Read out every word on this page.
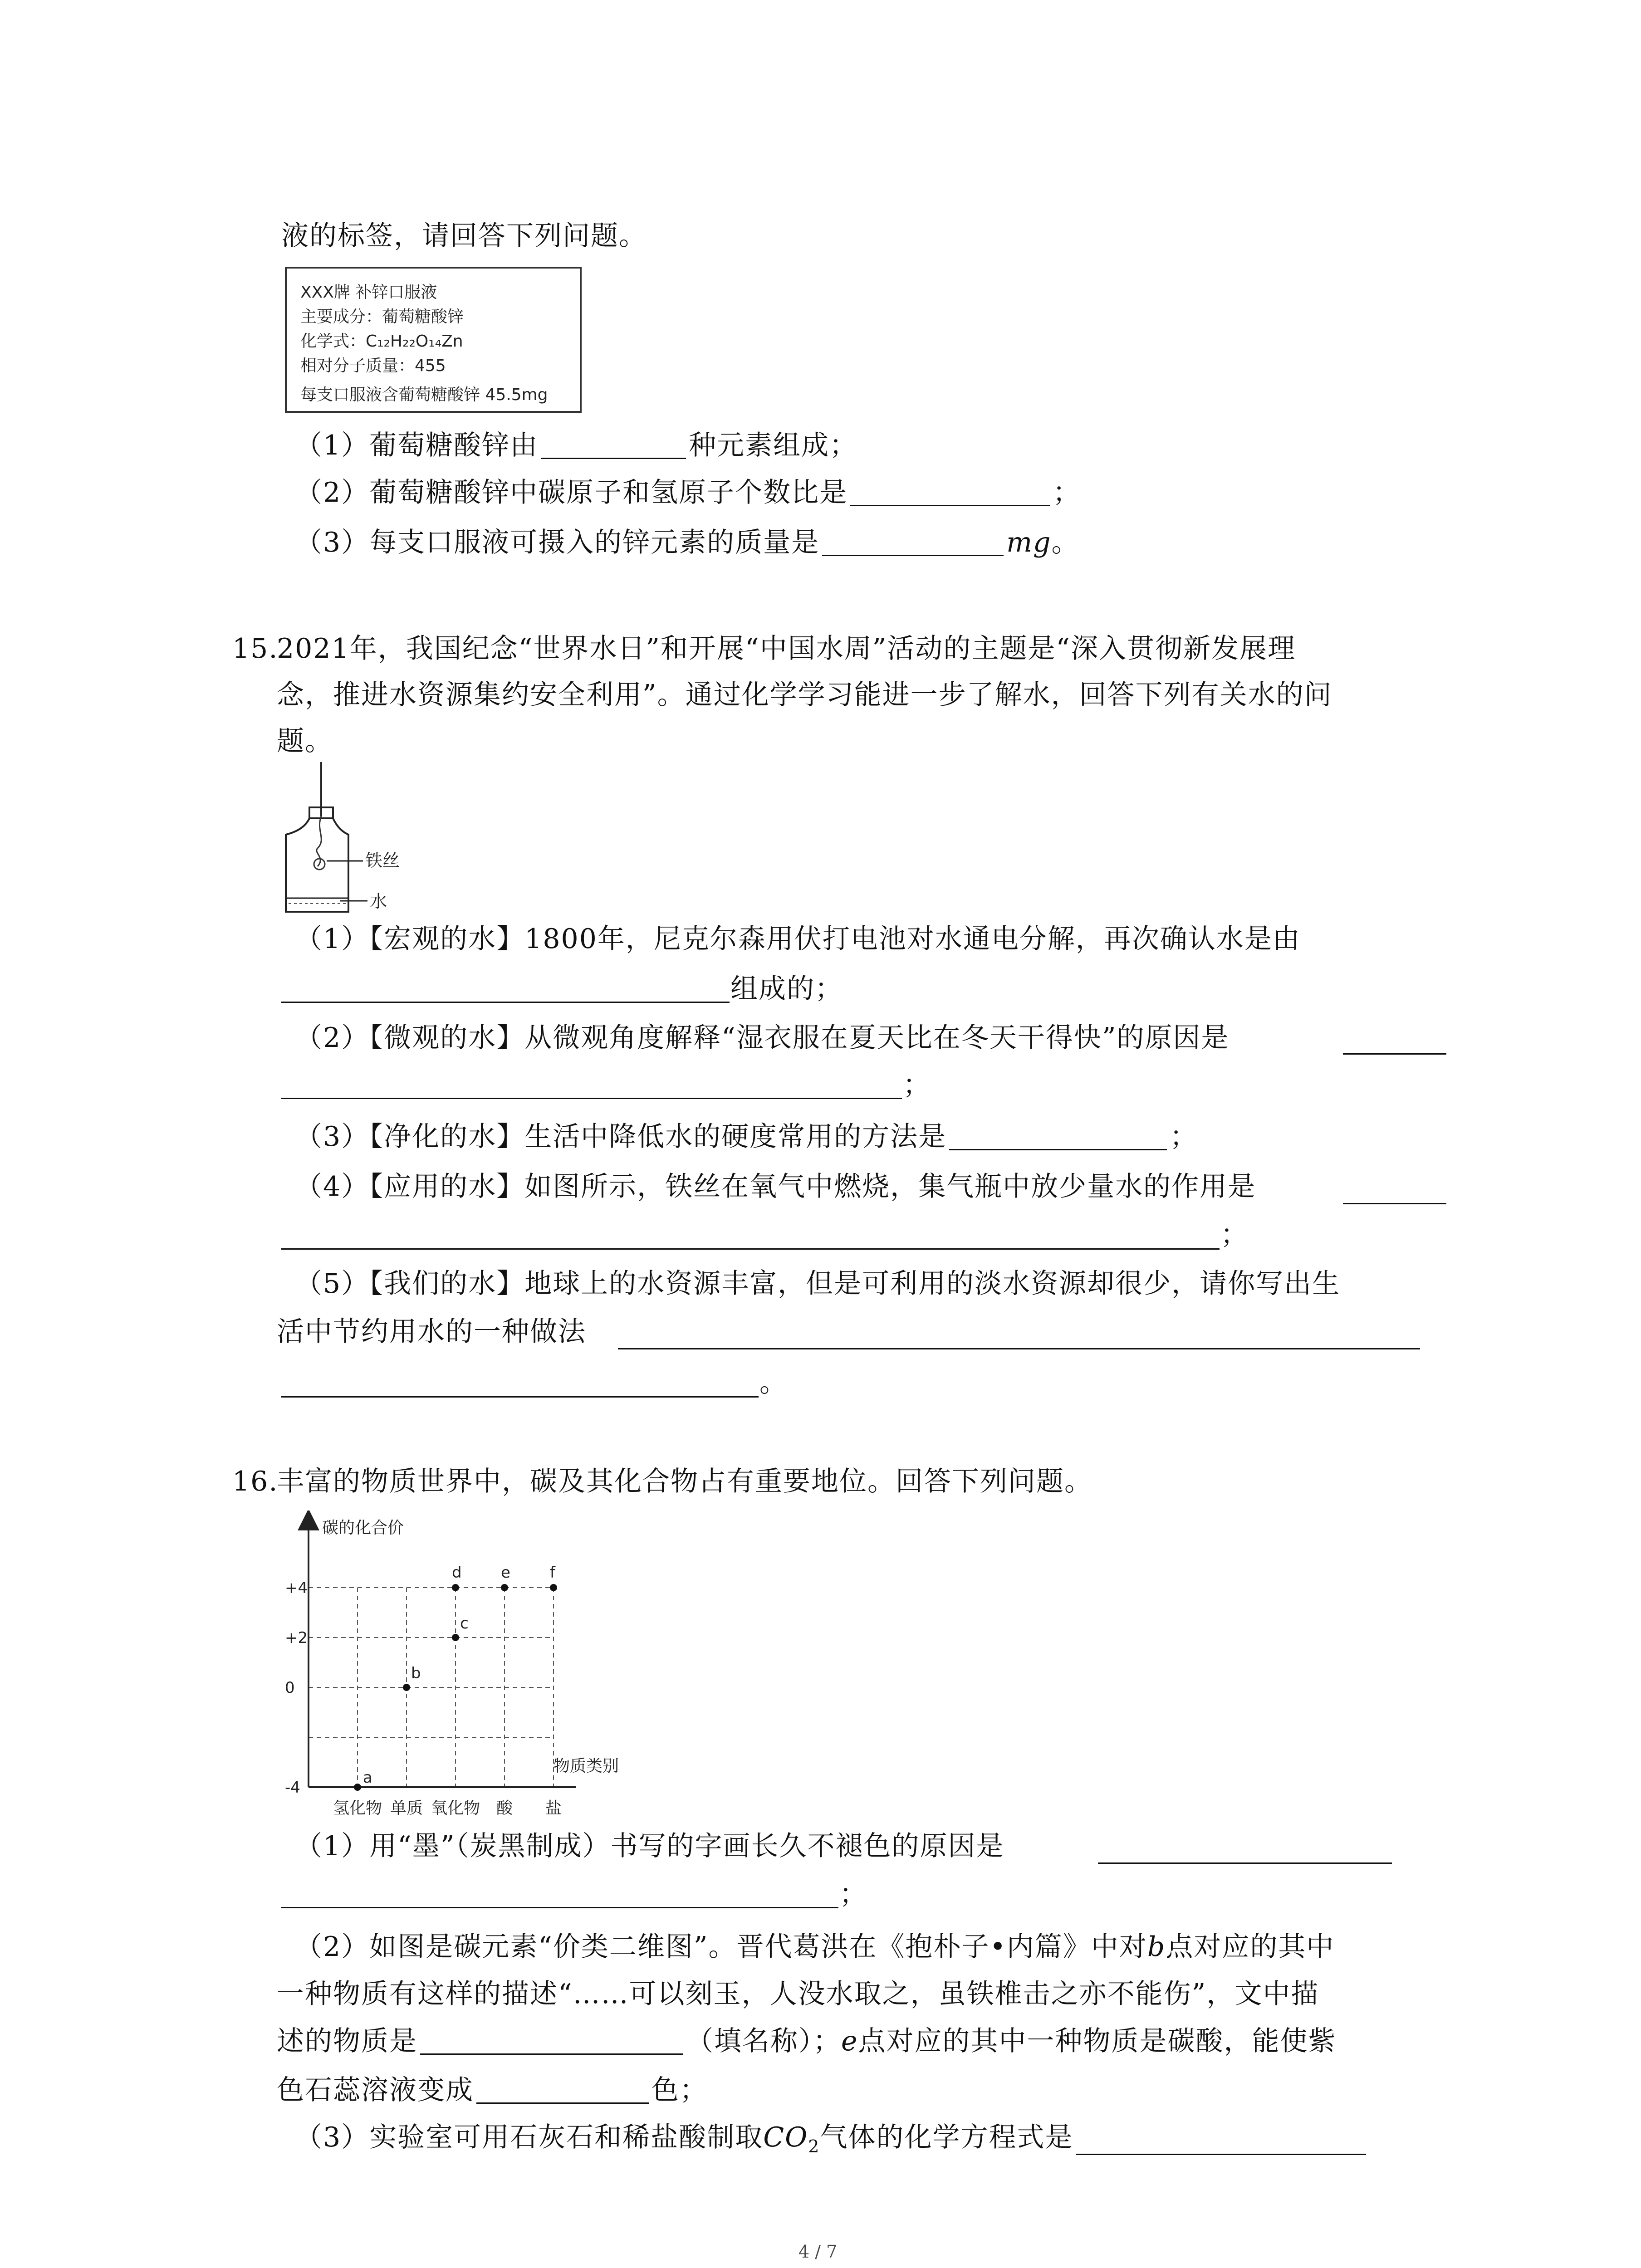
液的标签，请回答下列问题。
XXX牌 补锌口服液
主要成分：葡萄糖酸锌
化学式：C₁₂H₂₂O₁₄Zn
相对分子质量：455
每支口服液含葡萄糖酸锌 45.5mg
（1）葡萄糖酸锌由	种元素组成；
（2）葡萄糖酸锌中碳原子和氢原子个数比是	；
（3）每支口服液可摄入的锌元素的质量是	mg。
15.
2021年，我国纪念“世界水日”和开展“中国水周”活动的主题是“深入贯彻新发展理
念，推进水资源集约安全利用”。通过化学学习能进一步了解水，回答下列有关水的问
题。
铁丝
水
（1）【宏观的水】1800年，尼克尔森用伏打电池对水通电分解，再次确认水是由
组成的；
（2）【微观的水】从微观角度解释“湿衣服在夏天比在冬天干得快”的原因是
；
（3）【净化的水】生活中降低水的硬度常用的方法是	；
（4）【应用的水】如图所示，铁丝在氧气中燃烧，集气瓶中放少量水的作用是
；
（5）【我们的水】地球上的水资源丰富，但是可利用的淡水资源却很少，请你写出生
活中节约用水的一种做法
。
16.
丰富的物质世界中，碳及其化合物占有重要地位。回答下列问题。
碳的化合价
物质类别
+4
+2
0
-4
氢化物 单质 氧化物 酸 盐
a
b
c
d	e	f
（1）用“墨”（炭黑制成）书写的字画长久不褪色的原因是
；
（2）如图是碳元素“价类二维图”。晋代葛洪在《抱朴子•内篇》中对b点对应的其中
一种物质有这样的描述“……可以刻玉，人没水取之，虽铁椎击之亦不能伤”，文中描
述的物质是	（填名称）；e点对应的其中一种物质是碳酸，能使紫
色石蕊溶液变成	色；
（3）实验室可用石灰石和稀盐酸制取$CO_2$气体的化学方程式是
4 / 7
